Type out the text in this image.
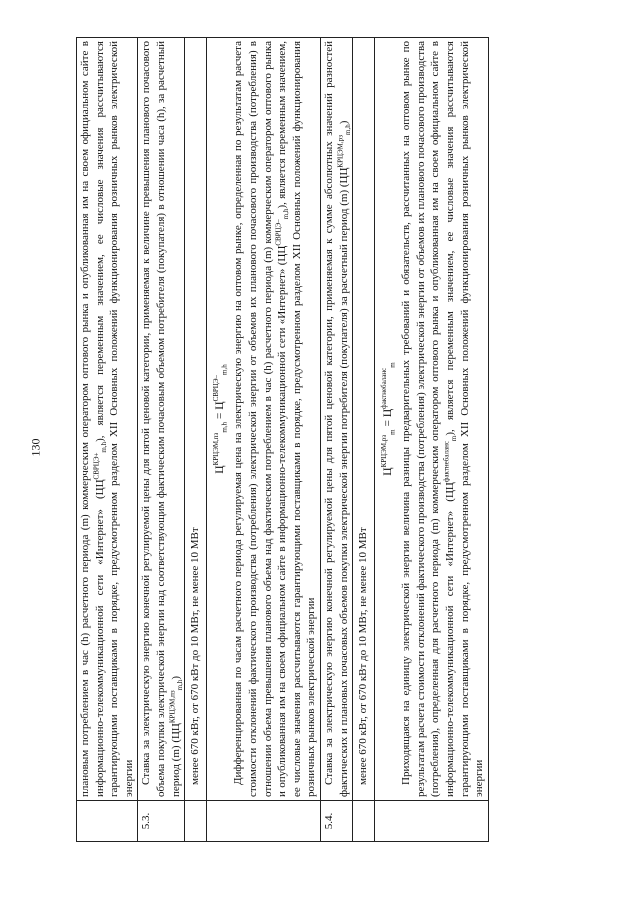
130

	плановым потреблением в час (h) расчетного периода (m) коммерческим оператором оптового рынка и опубликованная им на своем официальном сайте в информационно-телекоммуникационной сети «Интернет» $(ЦЦ^{СВРЦЭ+}_{m,h})$, является переменным значением, ее числовые значения рассчитываются гарантирующими поставщиками в порядке, предусмотренном разделом XII Основных положений функционирования розничных рынков электрической энергии

5.3.	Ставка за электрическую энергию конечной регулируемой цены для пятой ценовой категории, применяемая к величине превышения планового почасового объема покупки электрической энергии над соответствующим фактическим почасовым объемом потребителя (покупателя) в отношении часа (h), за расчетный период (m) $(ЦЦ^{КРЦЭМ,пз}_{m,h})$

	менее 670 кВт, от 670 кВт до 10 МВт, не менее 10 МВт

	$Ц^{КРЦЭМ,пз}_{m,h} = Ц^{СВРЦЭ-}_{m,h}$ Дифференцированная по часам расчетного периода регулируемая цена на электрическую энергию на оптовом рынке, определенная по результатам расчета стоимости отклонений фактического производства (потребления) электрической энергии от объемов их планового почасового производства (потребления) в отношении объема превышения планового объема над фактическим потреблением в час (h) расчетного периода (m) коммерческим оператором оптового рынка и опубликованная им на своем официальном сайте в информационно-телекоммуникационной сети «Интернет» $(ЦЦ^{СВРЦЭ-}_{m,h})$, является переменным значением, ее числовые значения рассчитываются гарантирующими поставщиками в порядке, предусмотренном разделом XII Основных положений функционирования розничных рынков электрической энергии

5.4.	Ставка за электрическую энергию конечной регулируемой цены для пятой ценовой категории, применяемая к сумме абсолютных значений разностей фактических и плановых почасовых объемов покупки электрической энергии потребителя (покупателя) за расчетный период (m) $(ЦЦ^{КРЦЭМ,рз}_{m,h})$

	менее 670 кВт, от 670 кВт до 10 МВт, не менее 10 МВт

	$Ц^{КРЦЭМ,рз}_m = Ц^{фактнебаланс}_m$ Приходящаяся на единицу электрической энергии величина разницы предварительных требований и обязательств, рассчитанных на оптовом рынке по результатам расчета стоимости отклонений фактического производства (потребления) электрической энергии от объемов их планового почасового производства (потребления), определенная для расчетного периода (m) коммерческим оператором оптового рынка и опубликованная им на своем официальном сайте в информационно-телекоммуникационной сети «Интернет» $(ЦЦ^{фактнебаланс}_m)$, является переменным значением, ее числовые значения рассчитываются гарантирующими поставщиками в порядке, предусмотренном разделом XII Основных положений функционирования розничных рынков электрической энергии
